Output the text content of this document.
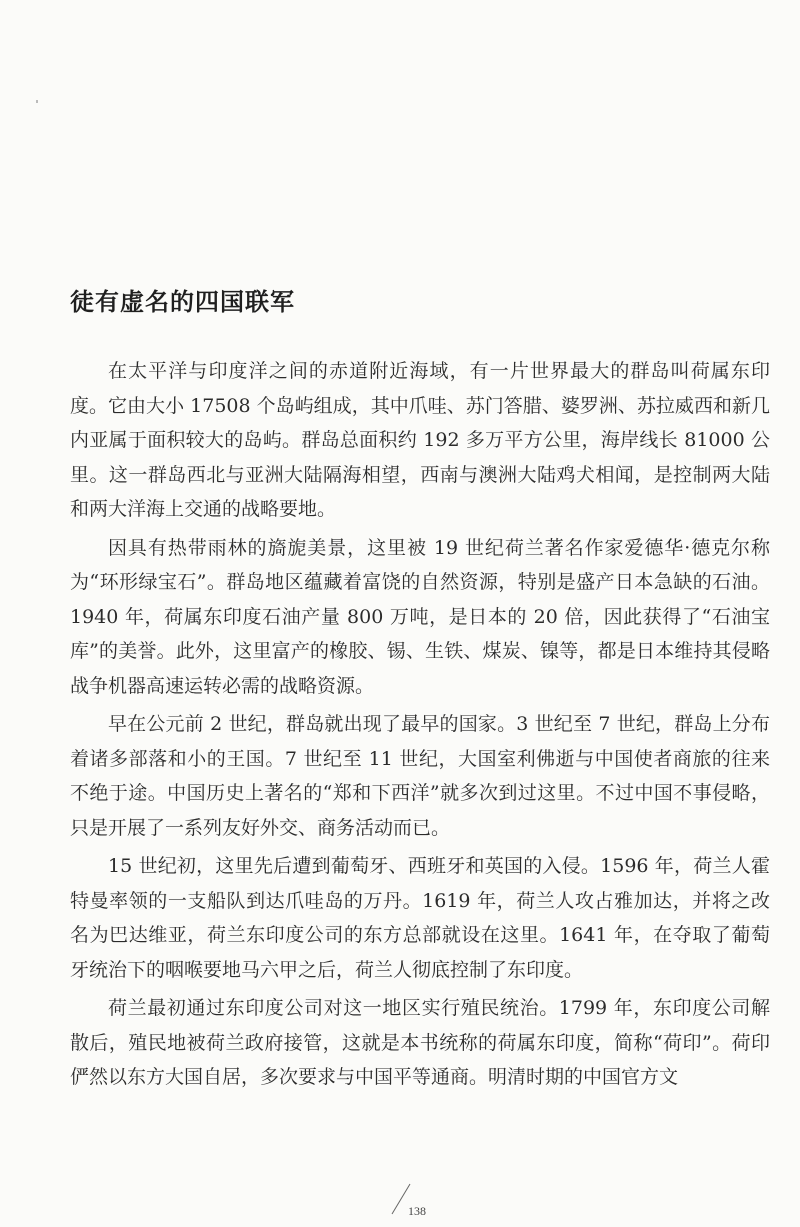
徒有虚名的四国联军

在太平洋与印度洋之间的赤道附近海域，有一片世界最大的群岛叫荷属东印度。它由大小 17508 个岛屿组成，其中爪哇、苏门答腊、婆罗洲、苏拉威西和新几内亚属于面积较大的岛屿。群岛总面积约 192 多万平方公里，海岸线长 81000 公里。这一群岛西北与亚洲大陆隔海相望，西南与澳洲大陆鸡犬相闻，是控制两大陆和两大洋海上交通的战略要地。

因具有热带雨林的旖旎美景，这里被 19 世纪荷兰著名作家爱德华·德克尔称为“环形绿宝石”。群岛地区蕴藏着富饶的自然资源，特别是盛产日本急缺的石油。1940 年，荷属东印度石油产量 800 万吨，是日本的 20 倍，因此获得了“石油宝库”的美誉。此外，这里富产的橡胶、锡、生铁、煤炭、镍等，都是日本维持其侵略战争机器高速运转必需的战略资源。

早在公元前 2 世纪，群岛就出现了最早的国家。3 世纪至 7 世纪，群岛上分布着诸多部落和小的王国。7 世纪至 11 世纪，大国室利佛逝与中国使者商旅的往来不绝于途。中国历史上著名的“郑和下西洋”就多次到过这里。不过中国不事侵略，只是开展了一系列友好外交、商务活动而已。

15 世纪初，这里先后遭到葡萄牙、西班牙和英国的入侵。1596 年，荷兰人霍特曼率领的一支船队到达爪哇岛的万丹。1619 年，荷兰人攻占雅加达，并将之改名为巴达维亚，荷兰东印度公司的东方总部就设在这里。1641 年，在夺取了葡萄牙统治下的咽喉要地马六甲之后，荷兰人彻底控制了东印度。

荷兰最初通过东印度公司对这一地区实行殖民统治。1799 年，东印度公司解散后，殖民地被荷兰政府接管，这就是本书统称的荷属东印度，简称“荷印”。荷印俨然以东方大国自居，多次要求与中国平等通商。明清时期的中国官方文

138
